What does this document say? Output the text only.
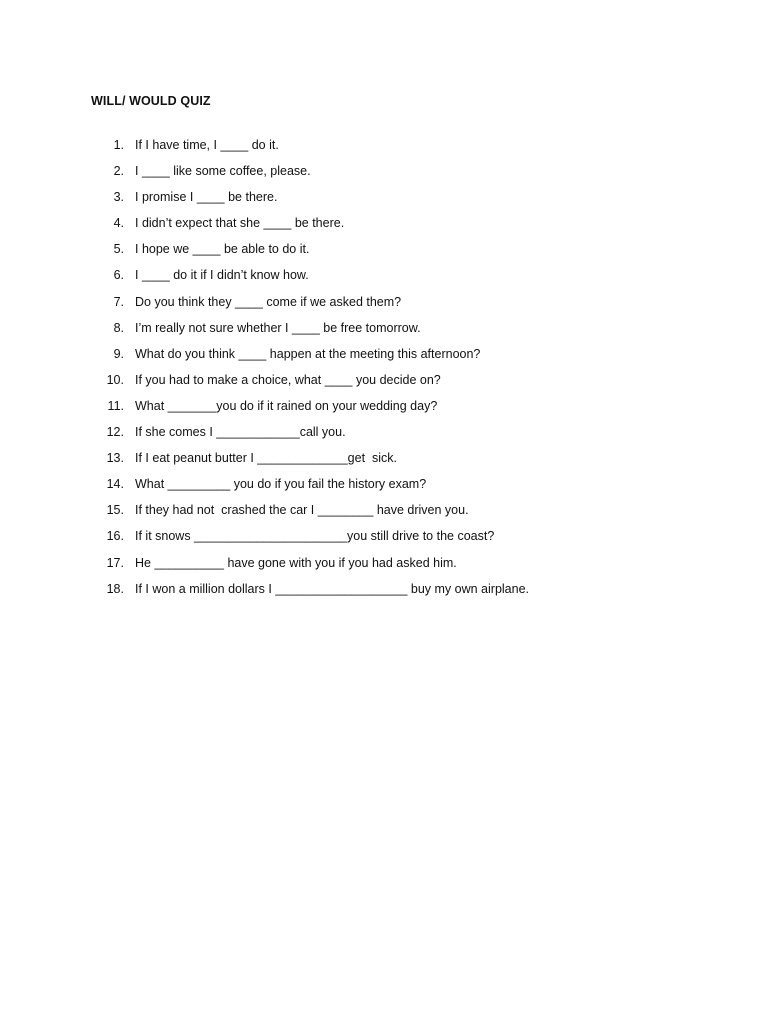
WILL/ WOULD QUIZ
1. If I have time, I ____ do it.
2. I ____ like some coffee, please.
3. I promise I ____ be there.
4. I didn’t expect that she ____ be there.
5. I hope we ____ be able to do it.
6. I ____ do it if I didn’t know how.
7. Do you think they ____ come if we asked them?
8. I’m really not sure whether I ____ be free tomorrow.
9. What do you think ____ happen at the meeting this afternoon?
10. If you had to make a choice, what ____ you decide on?
11. What _______you do if it rained on your wedding day?
12. If she comes I ____________call you.
13. If I eat peanut butter I _____________get  sick.
14. What _________ you do if you fail the history exam?
15. If they had not  crashed the car I ________ have driven you.
16. If it snows ______________________you still drive to the coast?
17. He __________ have gone with you if you had asked him.
18. If I won a million dollars I ___________________ buy my own airplane.
